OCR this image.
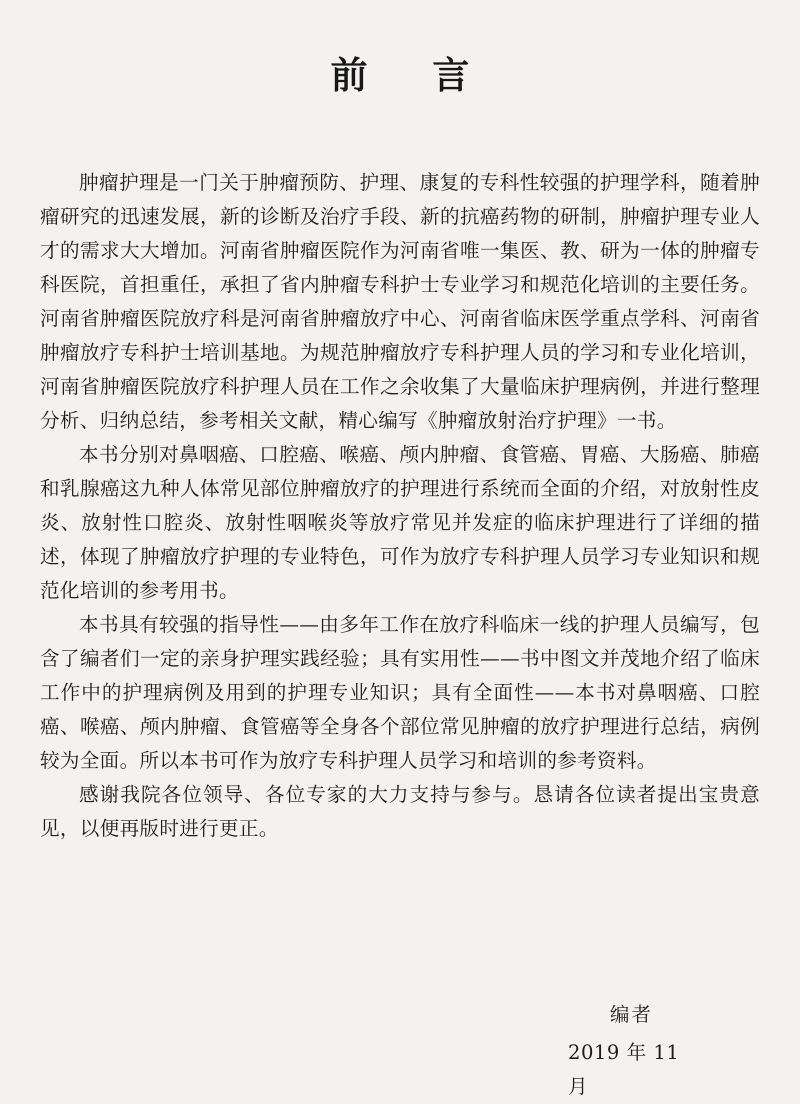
前 言

肿瘤护理是一门关于肿瘤预防、护理、康复的专科性较强的护理学科，随着肿瘤研究的迅速发展，新的诊断及治疗手段、新的抗癌药物的研制，肿瘤护理专业人才的需求大大增加。河南省肿瘤医院作为河南省唯一集医、教、研为一体的肿瘤专科医院，首担重任，承担了省内肿瘤专科护士专业学习和规范化培训的主要任务。河南省肿瘤医院放疗科是河南省肿瘤放疗中心、河南省临床医学重点学科、河南省肿瘤放疗专科护士培训基地。为规范肿瘤放疗专科护理人员的学习和专业化培训，河南省肿瘤医院放疗科护理人员在工作之余收集了大量临床护理病例，并进行整理分析、归纳总结，参考相关文献，精心编写《肿瘤放射治疗护理》一书。

本书分别对鼻咽癌、口腔癌、喉癌、颅内肿瘤、食管癌、胃癌、大肠癌、肺癌和乳腺癌这九种人体常见部位肿瘤放疗的护理进行系统而全面的介绍，对放射性皮炎、放射性口腔炎、放射性咽喉炎等放疗常见并发症的临床护理进行了详细的描述，体现了肿瘤放疗护理的专业特色，可作为放疗专科护理人员学习专业知识和规范化培训的参考用书。

本书具有较强的指导性——由多年工作在放疗科临床一线的护理人员编写，包含了编者们一定的亲身护理实践经验；具有实用性——书中图文并茂地介绍了临床工作中的护理病例及用到的护理专业知识；具有全面性——本书对鼻咽癌、口腔癌、喉癌、颅内肿瘤、食管癌等全身各个部位常见肿瘤的放疗护理进行总结，病例较为全面。所以本书可作为放疗专科护理人员学习和培训的参考资料。

感谢我院各位领导、各位专家的大力支持与参与。恳请各位读者提出宝贵意见，以便再版时进行更正。

编者
2019 年 11 月
